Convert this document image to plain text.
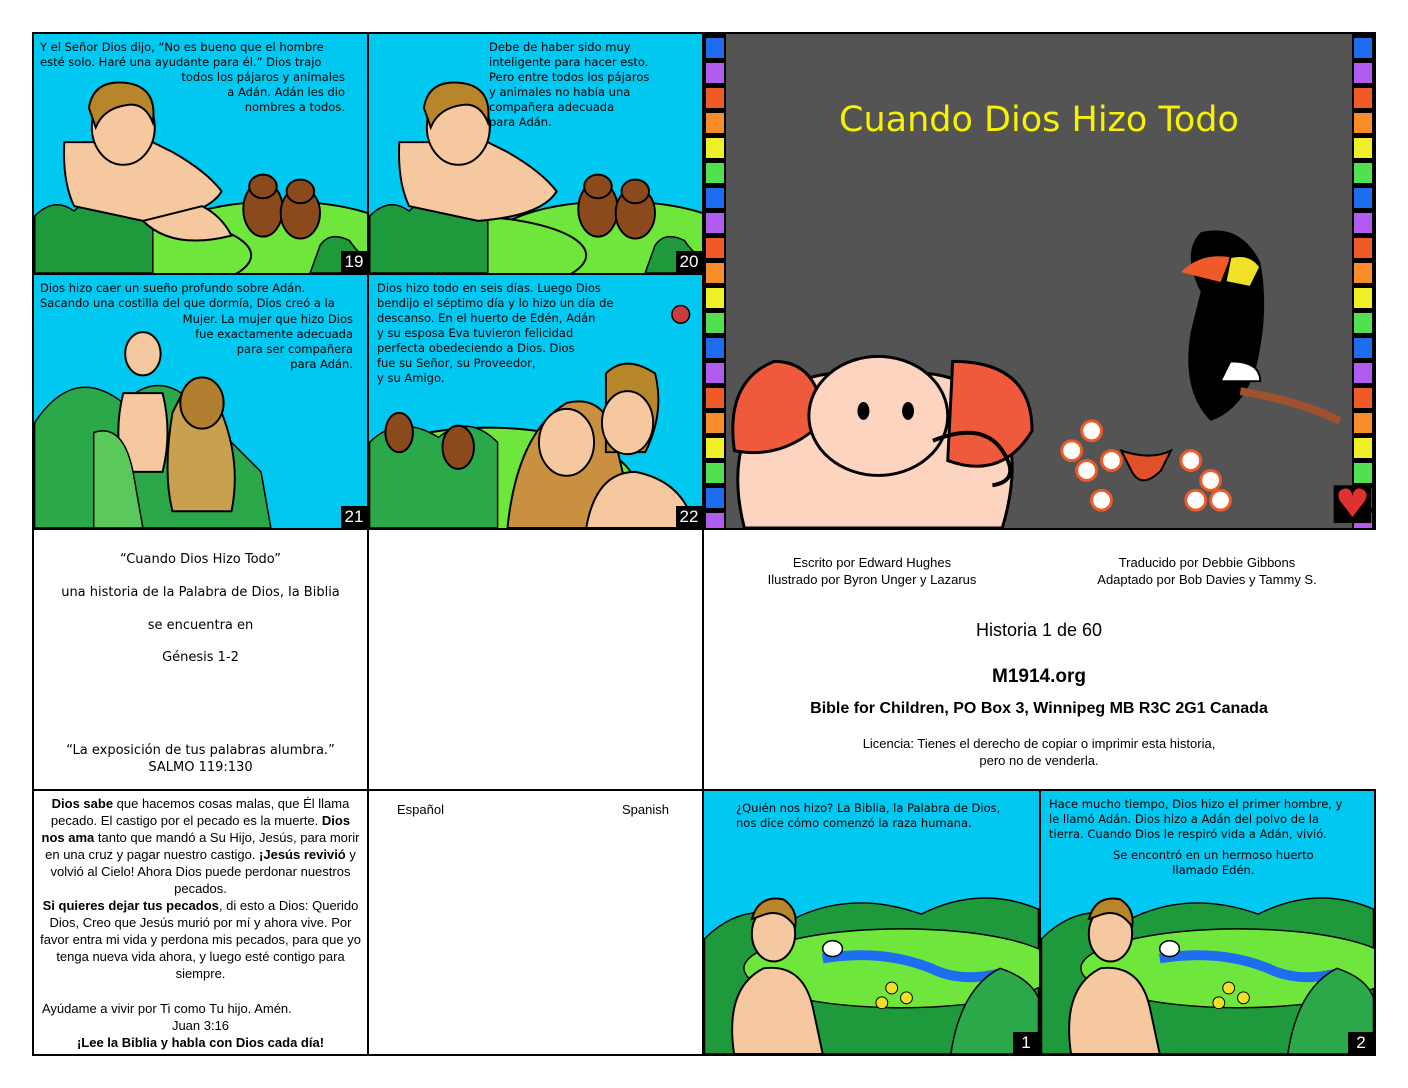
Y el Señor Dios dijo, “No es bueno que el hombre
esté solo. Haré una ayudante para él.” Dios trajo
todos los pájaros y animales
a Adán. Adán les dio
nombres a todos.
19
Debe de haber sido muy
inteligente para hacer esto.
Pero entre todos los pájaros
y animales no había una
compañera adecuada
para Adán.
20
Dios hizo caer un sueño profundo sobre Adán.
Sacando una costilla del que dormía, Dios creó a la
Mujer. La mujer que hizo Dios
fue exactamente adecuada
para ser compañera
para Adán.
21
Dios hizo todo en seis días. Luego Dios
bendijo el séptimo día y lo hizo un día de
descanso. En el huerto de Edén, Adán
y su esposa Eva tuvieron felicidad
perfecta obedeciendo a Dios. Dios
fue su Señor, su Proveedor,
y su Amigo.
22
Cuando Dios Hizo Todo
“Cuando Dios Hizo Todo”
una historia de la Palabra de Dios, la Biblia
se encuentra en
Génesis 1-2
“La exposición de tus palabras alumbra.”
SALMO 119:130
Escrito por Edward Hughes
Ilustrado por Byron Unger y Lazarus
Traducido por Debbie Gibbons
Adaptado por Bob Davies y Tammy S.
Historia 1 de 60
M1914.org
Bible for Children, PO Box 3, Winnipeg MB R3C 2G1 Canada
Licencia: Tienes el derecho de copiar o imprimir esta historia,
pero no de venderla.
Dios sabe que hacemos cosas malas, que Él llama pecado. El castigo por el pecado es la muerte. Dios nos ama tanto que mandó a Su Hijo, Jesús, para morir en una cruz y pagar nuestro castigo. ¡Jesús revivió y volvió al Cielo! Ahora Dios puede perdonar nuestros pecados.
Si quieres dejar tus pecados, di esto a Dios: Querido Dios, Creo que Jesús murió por mí y ahora vive. Por favor entra mi vida y perdona mis pecados, para que yo tenga nueva vida ahora, y luego esté contigo para siempre.
Ayúdame a vivir por Ti como Tu hijo. Amén.
Juan 3:16
¡Lee la Biblia y habla con Dios cada día!
Español	Spanish	¿Quién nos hizo? La Biblia, la Palabra de Dios,
nos dice cómo comenzó la raza humana.
1
Hace mucho tiempo, Dios hizo el primer hombre, y
le llamó Adán. Dios hizo a Adán del polvo de la
tierra. Cuando Dios le respiró vida a Adán, vivió.
Se encontró en un hermoso huerto
llamado Edén.
2
